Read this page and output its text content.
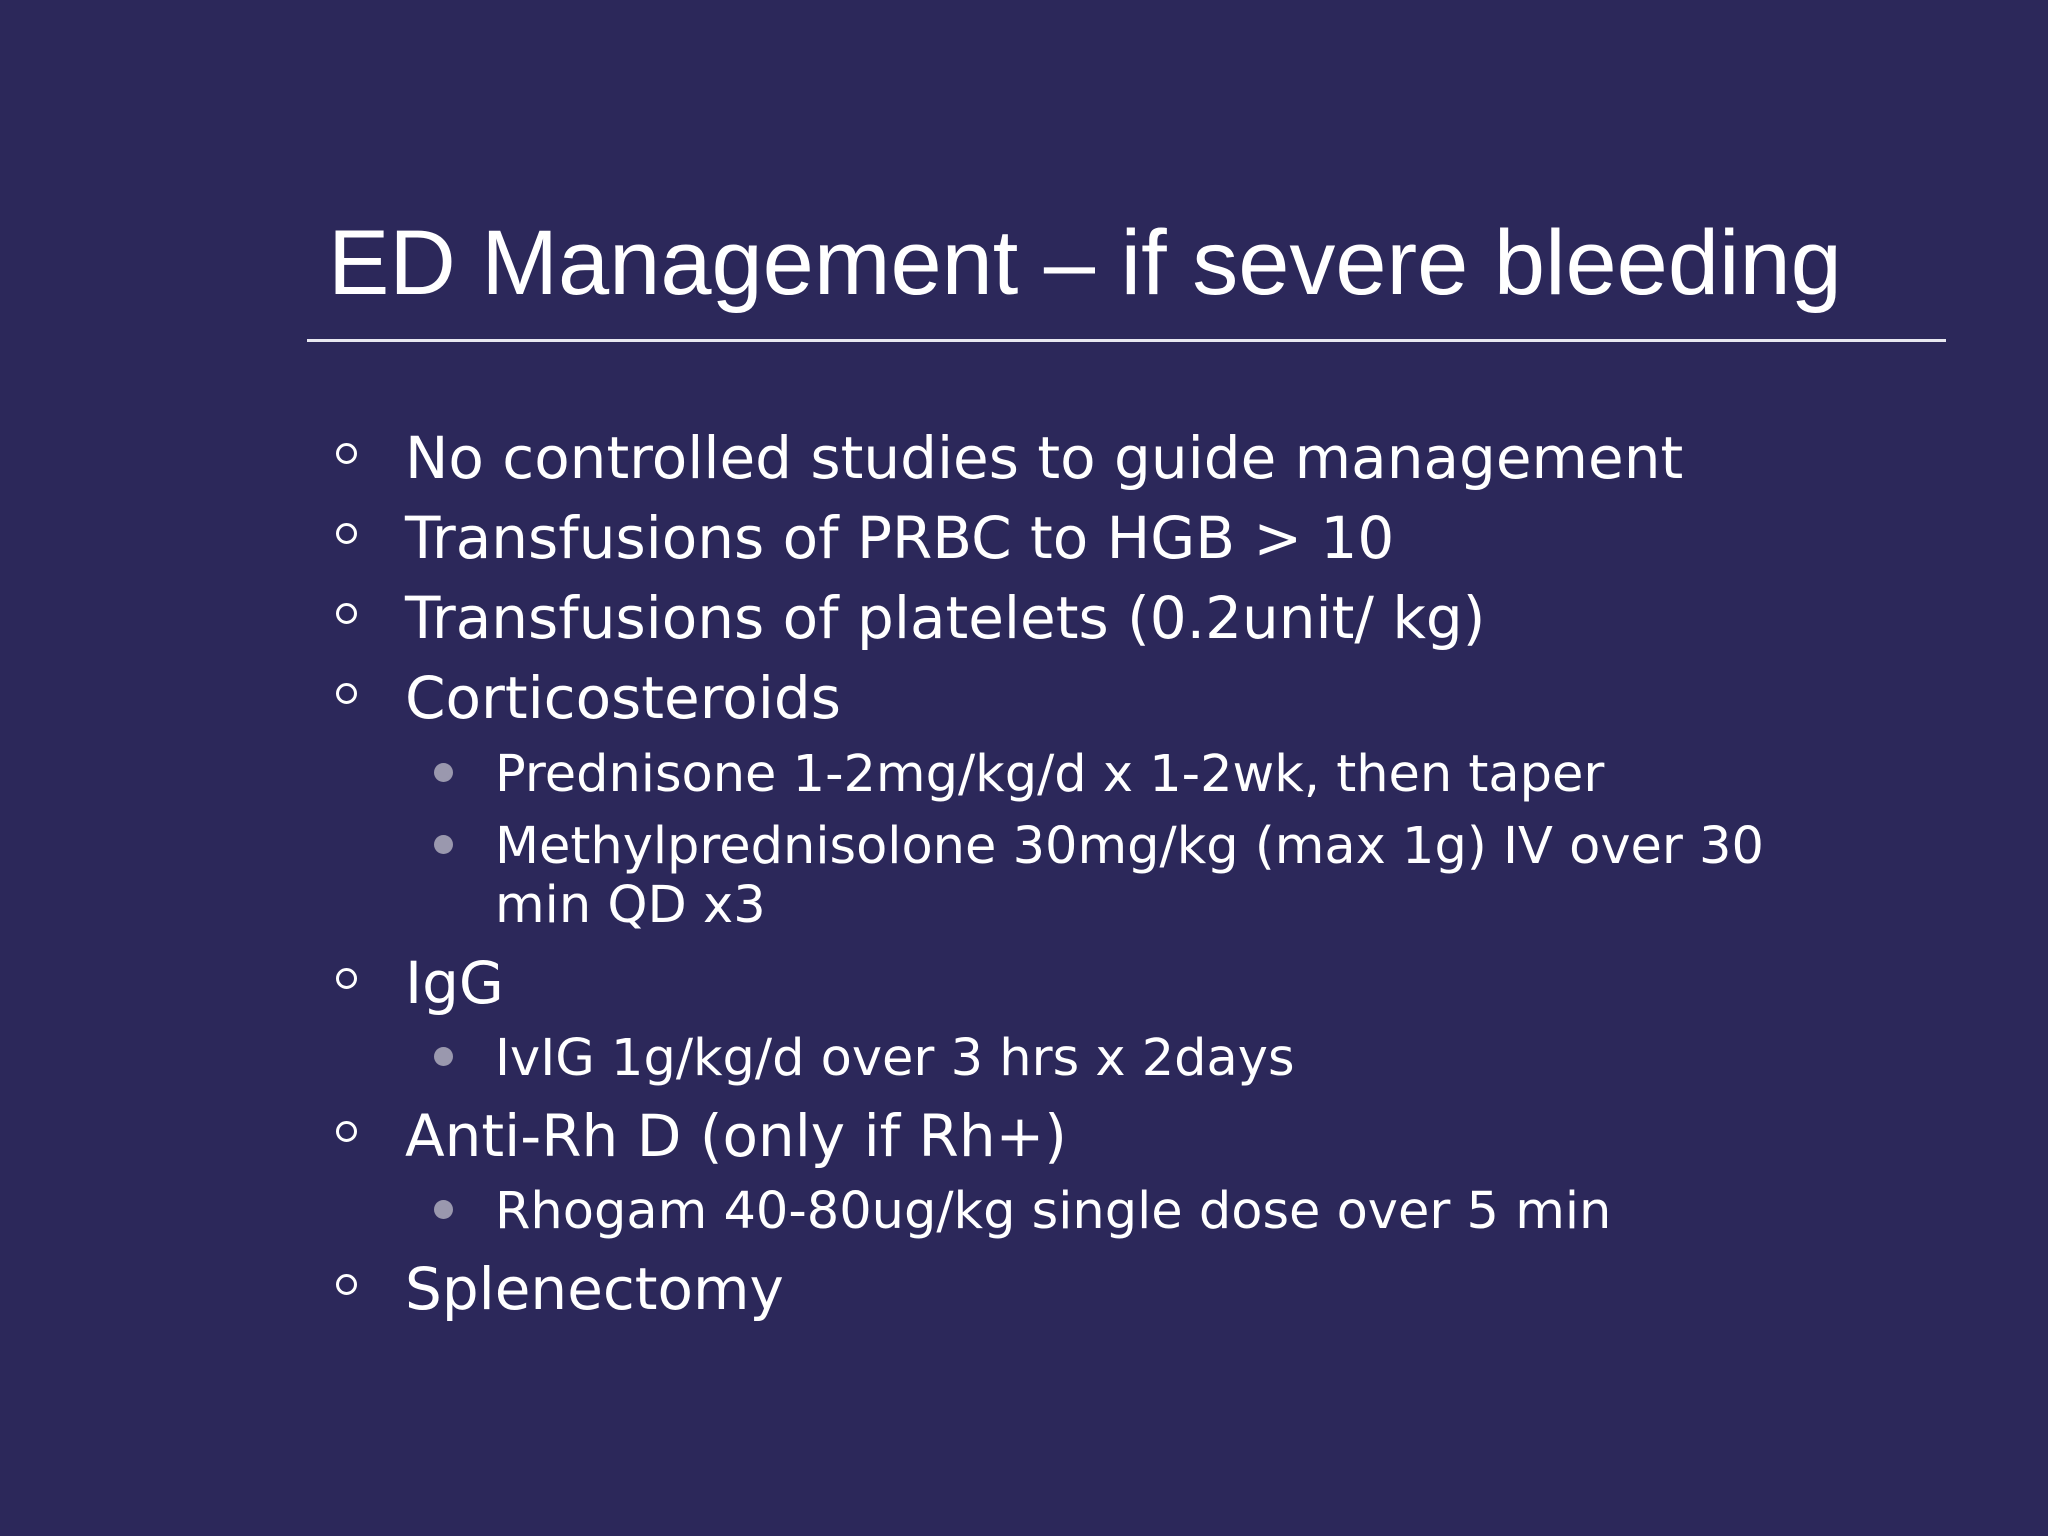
ED Management – if severe bleeding
No controlled studies to guide management
Transfusions of PRBC to HGB > 10
Transfusions of platelets (0.2unit/ kg)
Corticosteroids
Prednisone 1-2mg/kg/d x 1-2wk, then taper
Methylprednisolone 30mg/kg (max 1g) IV over 30
min QD x3
IgG
IvIG 1g/kg/d over 3 hrs x 2days
Anti-Rh D (only if Rh+)
Rhogam 40-80ug/kg single dose over 5 min
Splenectomy
